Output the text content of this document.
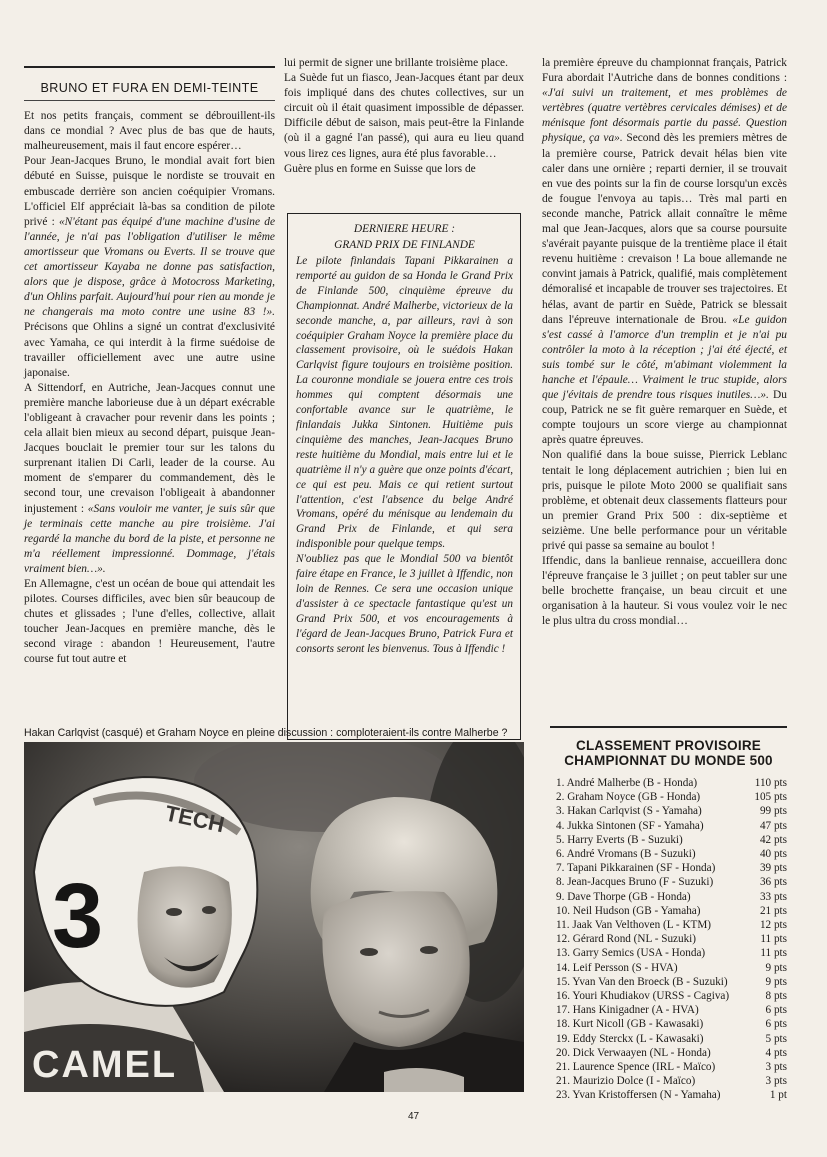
BRUNO ET FURA EN DEMI-TEINTE

Et nos petits français, comment se débrouillent-ils dans ce mondial ? Avec plus de bas que de hauts, malheureusement, mais il faut encore espérer…

Pour Jean-Jacques Bruno, le mondial avait fort bien débuté en Suisse, puisque le nordiste se trouvait en embuscade derrière son ancien coéquipier Vromans. L'officiel Elf appréciait là-bas sa condition de pilote privé : «N'étant pas équipé d'une machine d'usine de l'année, je n'ai pas l'obligation d'utiliser le même amortisseur que Vromans ou Everts. Il se trouve que cet amortisseur Kayaba ne donne pas satisfaction, alors que je dispose, grâce à Motocross Marketing, d'un Ohlins parfait. Aujourd'hui pour rien au monde je ne changerais ma moto contre une usine 83 !». Précisons que Ohlins a signé un contrat d'exclusivité avec Yamaha, ce qui interdit à la firme suédoise de travailler officiellement avec une autre usine japonaise.

A Sittendorf, en Autriche, Jean-Jacques connut une première manche laborieuse due à un départ exécrable l'obligeant à cravacher pour revenir dans les points ; cela allait bien mieux au second départ, puisque Jean-Jacques bouclait le premier tour sur les talons du surprenant italien Di Carli, leader de la course. Au moment de s'emparer du commandement, dès le second tour, une crevaison l'obligeait à abandonner injustement : «Sans vouloir me vanter, je suis sûr que je terminais cette manche au pire troisième. J'ai regardé la manche du bord de la piste, et personne ne m'a réellement impressionné. Dommage, j'étais vraiment bien…».

En Allemagne, c'est un océan de boue qui attendait les pilotes. Courses difficiles, avec bien sûr beaucoup de chutes et glissades ; l'une d'elles, collective, allait toucher Jean-Jacques en première manche, dès le second virage : abandon ! Heureusement, l'autre course fut tout autre et

lui permit de signer une brillante troisième place.

La Suède fut un fiasco, Jean-Jacques étant par deux fois impliqué dans des chutes collectives, sur un circuit où il était quasiment impossible de dépasser. Difficile début de saison, mais peut-être la Finlande (où il a gagné l'an passé), qui aura eu lieu quand vous lirez ces lignes, aura été plus favorable…

Guère plus en forme en Suisse que lors de

DERNIERE HEURE :
GRAND PRIX DE FINLANDE

Le pilote finlandais Tapani Pikkarainen a remporté au guidon de sa Honda le Grand Prix de Finlande 500, cinquième épreuve du Championnat. André Malherbe, victorieux de la seconde manche, a, par ailleurs, ravi à son coéquipier Graham Noyce la première place du classement provisoire, où le suédois Hakan Carlqvist figure toujours en troisième position. La couronne mondiale se jouera entre ces trois hommes qui comptent désormais une confortable avance sur le quatrième, le finlandais Jukka Sintonen. Huitième puis cinquième des manches, Jean-Jacques Bruno reste huitième du Mondial, mais entre lui et le quatrième il n'y a guère que onze points d'écart, ce qui est peu. Mais ce qui retient surtout l'attention, c'est l'absence du belge André Vromans, opéré du ménisque au lendemain du Grand Prix de Finlande, et qui sera indisponible pour quelque temps.

N'oubliez pas que le Mondial 500 va bientôt faire étape en France, le 3 juillet à Iffendic, non loin de Rennes. Ce sera une occasion unique d'assister à ce spectacle fantastique qu'est un Grand Prix 500, et vos encouragements à l'égard de Jean-Jacques Bruno, Patrick Fura et consorts seront les bienvenus. Tous à Iffendic !

la première épreuve du championnat français, Patrick Fura abordait l'Autriche dans de bonnes conditions : «J'ai suivi un traitement, et mes problèmes de vertèbres (quatre vertèbres cervicales démises) et de ménisque font désormais partie du passé. Question physique, ça va». Second dès les premiers mètres de la première course, Patrick devait hélas bien vite caler dans une ornière ; reparti dernier, il se trouvait en vue des points sur la fin de course lorsqu'un excès de fougue l'envoya au tapis… Très mal parti en seconde manche, Patrick allait connaître le même mal que Jean-Jacques, alors que sa course poursuite s'avérait payante puisque de la trentième place il était revenu huitième : crevaison ! La boue allemande ne convint jamais à Patrick, qualifié, mais complètement démoralisé et incapable de trouver ses trajectoires. Et hélas, avant de partir en Suède, Patrick se blessait dans l'épreuve internationale de Brou. «Le guidon s'est cassé à l'amorce d'un tremplin et je n'ai pu contrôler la moto à la réception ; j'ai été éjecté, et suis tombé sur le côté, m'abimant violemment la hanche et l'épaule… Vraiment le truc stupide, alors que j'évitais de prendre tous risques inutiles…». Du coup, Patrick ne se fit guère remarquer en Suède, et compte toujours un score vierge au championnat après quatre épreuves.

Non qualifié dans la boue suisse, Pierrick Leblanc tentait le long déplacement autrichien ; bien lui en pris, puisque le pilote Moto 2000 se qualifiait sans problème, et obtenait deux classements flatteurs pour un premier Grand Prix 500 : dix-septième et seizième. Une belle performance pour un véritable privé qui passe sa semaine au boulot !

Iffendic, dans la banlieue rennaise, accueillera donc l'épreuve française le 3 juillet ; on peut tabler sur une belle brochette française, un beau circuit et une organisation à la hauteur. Si vous voulez voir le nec le plus ultra du cross mondial…

Hakan Carlqvist (casqué) et Graham Noyce en pleine discussion : comploteraient-ils contre Malherbe ?
CAMEL
TECH
3
CLASSEMENT PROVISOIRE
CHAMPIONNAT DU MONDE 500
1. André Malherbe (B - Honda)	110 pts
2. Graham Noyce (GB - Honda)	105 pts
3. Hakan Carlqvist (S - Yamaha)	99 pts
4. Jukka Sintonen (SF - Yamaha)	47 pts
5. Harry Everts (B - Suzuki)	42 pts
6. André Vromans (B - Suzuki)	40 pts
7. Tapani Pikkarainen (SF - Honda)	39 pts
8. Jean-Jacques Bruno (F - Suzuki)	36 pts
9. Dave Thorpe (GB - Honda)	33 pts
10. Neil Hudson (GB - Yamaha)	21 pts
11. Jaak Van Velthoven (L - KTM)	12 pts
12. Gérard Rond (NL - Suzuki)	11 pts
13. Garry Semics (USA - Honda)	11 pts
14. Leif Persson (S - HVA)	9 pts
15. Yvan Van den Broeck (B - Suzuki)	9 pts
16. Youri Khudiakov (URSS - Cagiva)	8 pts
17. Hans Kinigadner (A - HVA)	6 pts
18. Kurt Nicoll (GB - Kawasaki)	6 pts
19. Eddy Sterckx (L - Kawasaki)	5 pts
20. Dick Verwaayen (NL - Honda)	4 pts
21. Laurence Spence (IRL - Maïco)	3 pts
21. Maurizio Dolce (I - Maïco)	3 pts
23. Yvan Kristoffersen (N - Yamaha)	1 pt
47
